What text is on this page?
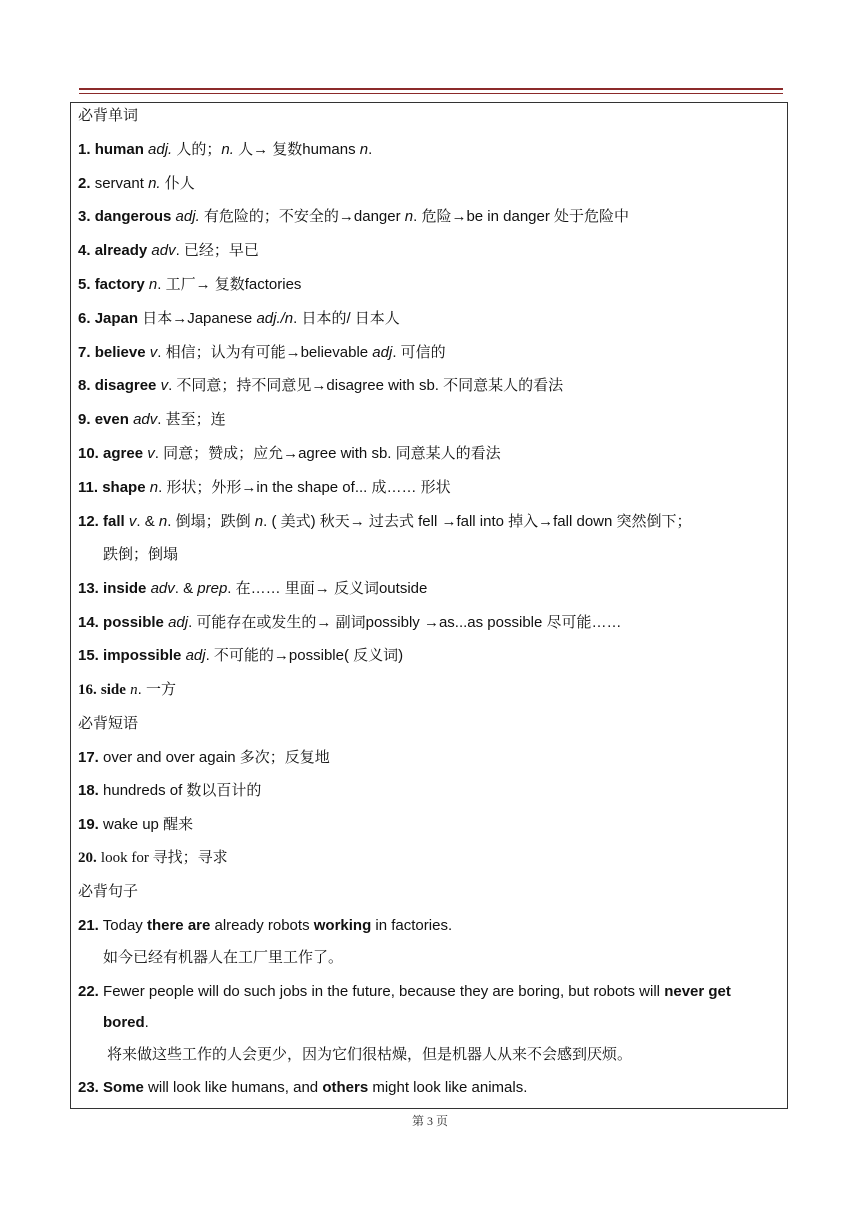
必背单词
1. human adj. 人的；n. 人→ 复数humans n.
2. servant n. 仆人
3. dangerous adj. 有危险的；不安全的→danger n. 危险→be in danger 处于危险中
4. already adv. 已经；早已
5. factory n. 工厂→ 复数factories
6. Japan 日本→Japanese adj./n. 日本的/ 日本人
7. believe v. 相信；认为有可能→believable adj. 可信的
8. disagree v. 不同意；持不同意见→disagree with sb. 不同意某人的看法
9. even adv. 甚至；连
10. agree v. 同意；赞成；应允→agree with sb. 同意某人的看法
11. shape n. 形状；外形→in the shape of... 成…… 形状
12. fall v. & n. 倒塌；跌倒 n. ( 美式) 秋天→ 过去式 fell →fall into 掉入→fall down 突然倒下；
跌倒；倒塌
13. inside adv. & prep. 在…… 里面→ 反义词outside
14. possible adj. 可能存在或发生的→ 副词possibly →as...as possible 尽可能……
15. impossible adj. 不可能的→possible( 反义词)
16. side n. 一方
必背短语
17. over and over again 多次；反复地
18. hundreds of 数以百计的
19. wake up 醒来
20. look for 寻找；寻求
必背句子
21. Today there are already robots working in factories.
如今已经有机器人在工厂里工作了。
22. Fewer people will do such jobs in the future, because they are boring, but robots will never get
bored.
将来做这些工作的人会更少，因为它们很枯燥，但是机器人从来不会感到厌烦。
23. Some will look like humans, and others might look like animals.
第 3 页
